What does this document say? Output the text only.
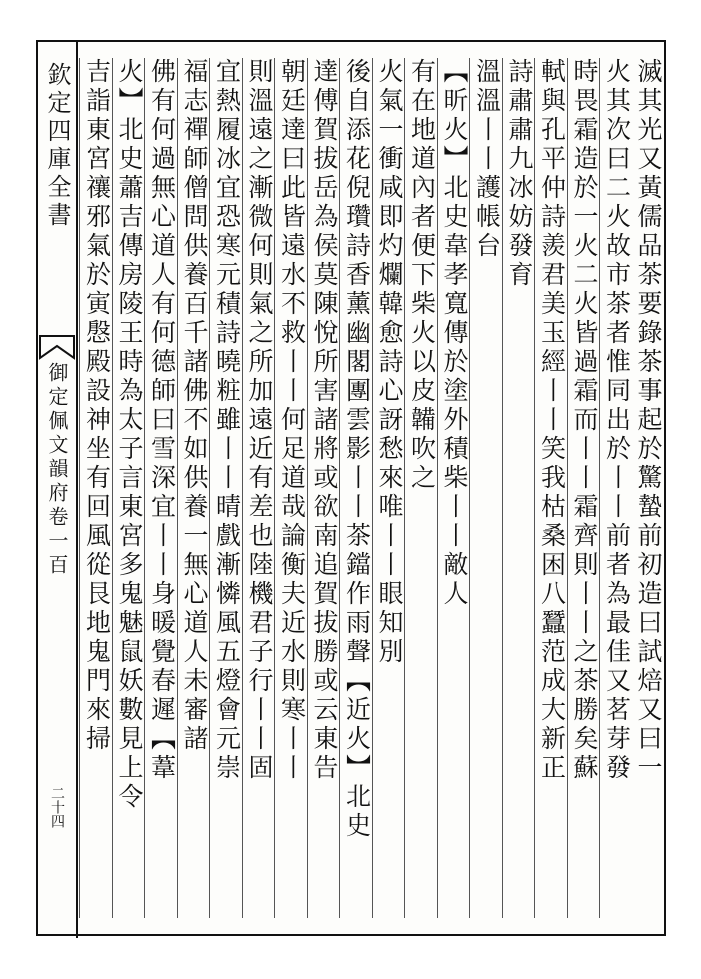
欽定四庫全書
御定佩文韻府卷一百
二十四
滅其光又黃儒品茶要錄茶事起於驚蟄前初造曰試焙又曰一
火其次曰二火故市茶者惟同出於丨丨前者為最佳又茗芽發
時畏霜造於一火二火皆過霜而丨丨霜齊則丨丨之茶勝矣蘇
軾與孔平仲詩羨君美玉經丨丨笑我枯桑困八蠶范成大新正
詩肅肅九冰妨發育
溫溫丨丨護帳台
【昕火】北史韋孝寬傳於塗外積柴丨丨敵人
有在地道內者便下柴火以皮韛吹之
火氣一衝咸即灼爛韓愈詩心訝愁來唯丨丨眼知別
後自添花倪瓚詩香薰幽閣團雲影丨丨茶鐺作雨聲【近火】北史
達傅賀拔岳為侯莫陳悅所害諸將或欲南追賀拔勝或云東告
朝廷達曰此皆遠水不救丨丨何足道哉論衡夫近水則寒丨丨
則溫遠之漸微何則氣之所加遠近有差也陸機君子行丨丨固
宜熱履冰宜恐寒元積詩曉粧雖丨丨晴戲漸憐風五燈會元崇
福志禪師僧問供養百千諸佛不如供養一無心道人未審諸
佛有何過無心道人有何德師曰雪深宜丨丨身暖覺春遲【葦
火】北史蕭吉傳房陵王時為太子言東宮多鬼魅鼠妖數見上令
吉詣東宮禳邪氣於寅慇殿設神坐有回風從艮地鬼門來掃
